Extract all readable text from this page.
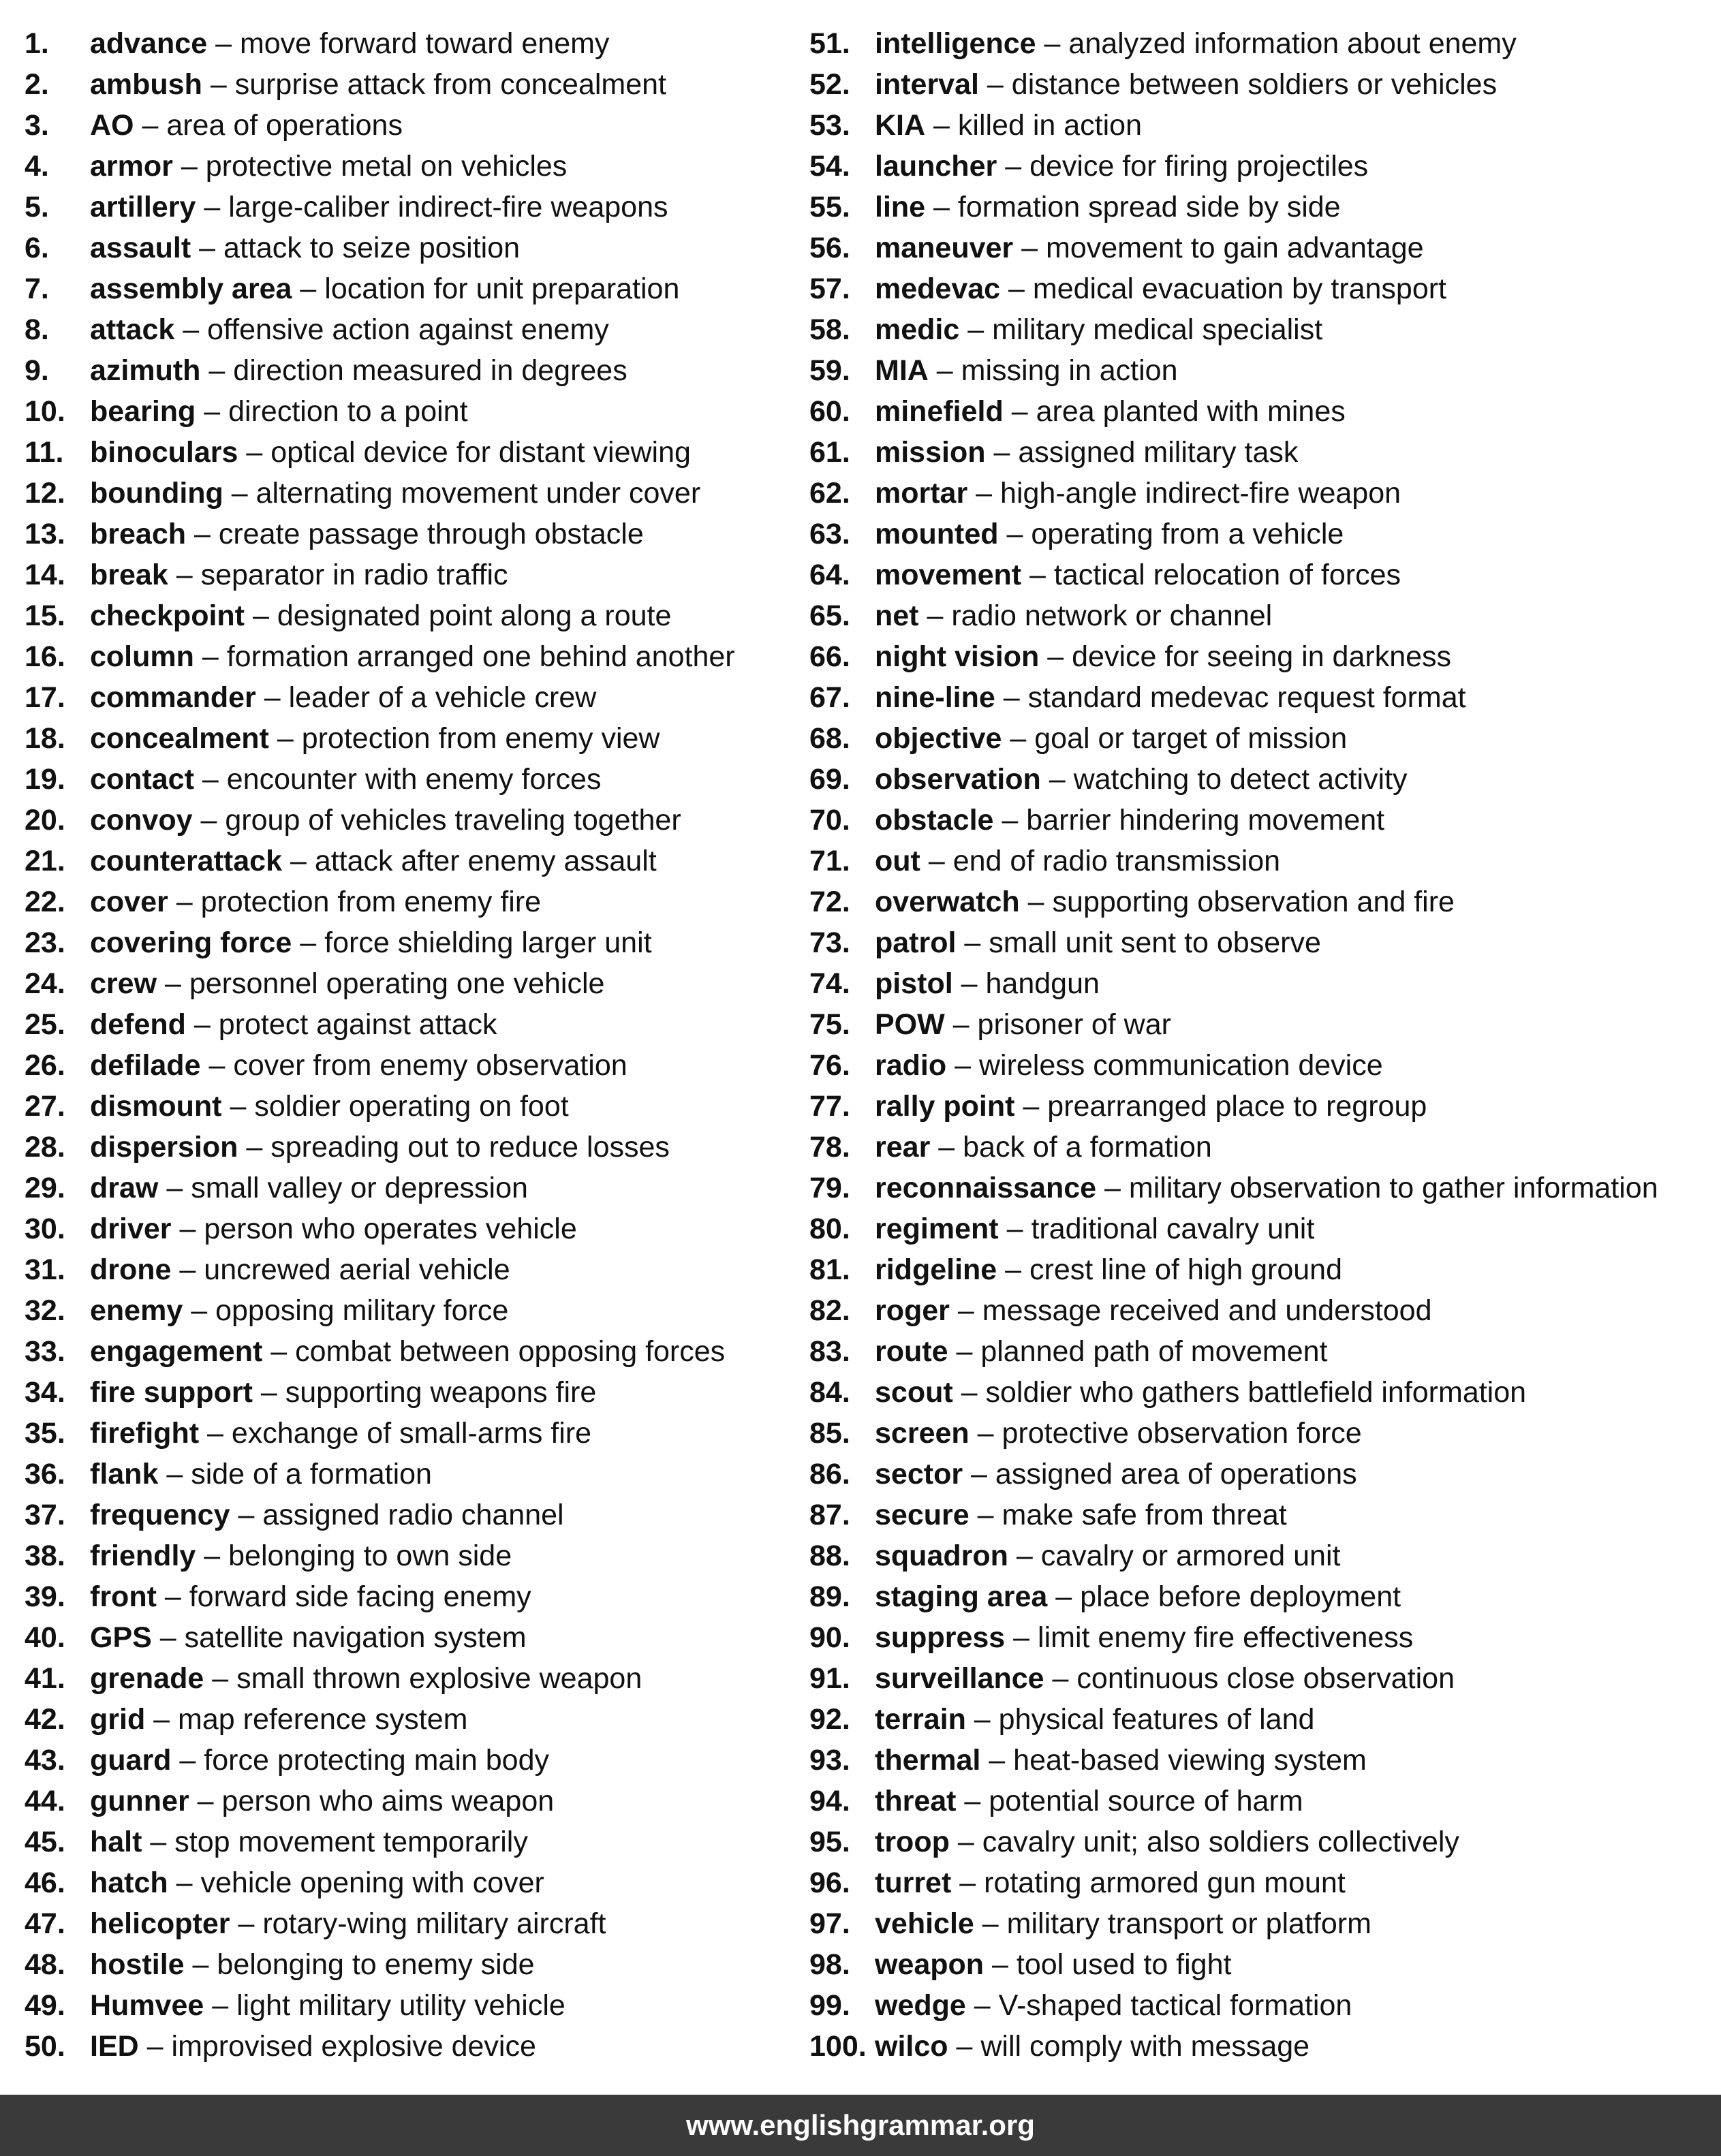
1. advance – move forward toward enemy
2. ambush – surprise attack from concealment
3. AO – area of operations
4. armor – protective metal on vehicles
5. artillery – large-caliber indirect-fire weapons
6. assault – attack to seize position
7. assembly area – location for unit preparation
8. attack – offensive action against enemy
9. azimuth – direction measured in degrees
10. bearing – direction to a point
11. binoculars – optical device for distant viewing
12. bounding – alternating movement under cover
13. breach – create passage through obstacle
14. break – separator in radio traffic
15. checkpoint – designated point along a route
16. column – formation arranged one behind another
17. commander – leader of a vehicle crew
18. concealment – protection from enemy view
19. contact – encounter with enemy forces
20. convoy – group of vehicles traveling together
21. counterattack – attack after enemy assault
22. cover – protection from enemy fire
23. covering force – force shielding larger unit
24. crew – personnel operating one vehicle
25. defend – protect against attack
26. defilade – cover from enemy observation
27. dismount – soldier operating on foot
28. dispersion – spreading out to reduce losses
29. draw – small valley or depression
30. driver – person who operates vehicle
31. drone – uncrewed aerial vehicle
32. enemy – opposing military force
33. engagement – combat between opposing forces
34. fire support – supporting weapons fire
35. firefight – exchange of small-arms fire
36. flank – side of a formation
37. frequency – assigned radio channel
38. friendly – belonging to own side
39. front – forward side facing enemy
40. GPS – satellite navigation system
41. grenade – small thrown explosive weapon
42. grid – map reference system
43. guard – force protecting main body
44. gunner – person who aims weapon
45. halt – stop movement temporarily
46. hatch – vehicle opening with cover
47. helicopter – rotary-wing military aircraft
48. hostile – belonging to enemy side
49. Humvee – light military utility vehicle
50. IED – improvised explosive device
51. intelligence – analyzed information about enemy
52. interval – distance between soldiers or vehicles
53. KIA – killed in action
54. launcher – device for firing projectiles
55. line – formation spread side by side
56. maneuver – movement to gain advantage
57. medevac – medical evacuation by transport
58. medic – military medical specialist
59. MIA – missing in action
60. minefield – area planted with mines
61. mission – assigned military task
62. mortar – high-angle indirect-fire weapon
63. mounted – operating from a vehicle
64. movement – tactical relocation of forces
65. net – radio network or channel
66. night vision – device for seeing in darkness
67. nine-line – standard medevac request format
68. objective – goal or target of mission
69. observation – watching to detect activity
70. obstacle – barrier hindering movement
71. out – end of radio transmission
72. overwatch – supporting observation and fire
73. patrol – small unit sent to observe
74. pistol – handgun
75. POW – prisoner of war
76. radio – wireless communication device
77. rally point – prearranged place to regroup
78. rear – back of a formation
79. reconnaissance – military observation to gather information
80. regiment – traditional cavalry unit
81. ridgeline – crest line of high ground
82. roger – message received and understood
83. route – planned path of movement
84. scout – soldier who gathers battlefield information
85. screen – protective observation force
86. sector – assigned area of operations
87. secure – make safe from threat
88. squadron – cavalry or armored unit
89. staging area – place before deployment
90. suppress – limit enemy fire effectiveness
91. surveillance – continuous close observation
92. terrain – physical features of land
93. thermal – heat-based viewing system
94. threat – potential source of harm
95. troop – cavalry unit; also soldiers collectively
96. turret – rotating armored gun mount
97. vehicle – military transport or platform
98. weapon – tool used to fight
99. wedge – V-shaped tactical formation
100. wilco – will comply with message
www.englishgrammar.org
